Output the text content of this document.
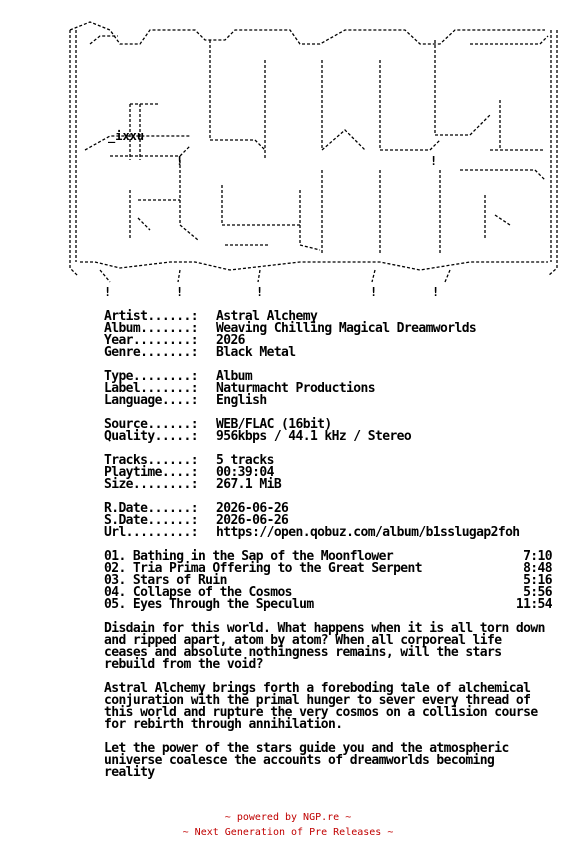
!	!	!	!	!
_ixxu
!	!
Artist......: Astral Alchemy
Album.......: Weaving Chilling Magical Dreamworlds
Year........: 2026
Genre.......: Black Metal
Type........: Album
Label.......: Naturmacht Productions
Language....: English
Source......: WEB/FLAC (16bit)
Quality.....: 956kbps / 44.1 kHz / Stereo
Tracks......: 5 tracks
Playtime....: 00:39:04
Size........: 267.1 MiB
R.Date......: 2026-06-26
S.Date......: 2026-06-26
Url.........: https://open.qobuz.com/album/b1sslugap2foh
01. Bathing in the Sap of the Moonflower	7:10
02. Tria Prima Offering to the Great Serpent	8:48
03. Stars of Ruin	5:16
04. Collapse of the Cosmos	5:56
05. Eyes Through the Speculum	11:54
Disdain for this world. What happens when it is all torn down and ripped apart, atom by atom? When all corporeal life ceases and absolute nothingness remains, will the stars rebuild from the void?
Astral Alchemy brings forth a foreboding tale of alchemical conjuration with the primal hunger to sever every thread of this world and rupture the very cosmos on a collision course for rebirth through annihilation.
Let the power of the stars guide you and the atmospheric universe coalesce the accounts of dreamworlds becoming reality
~ powered by NGP.re ~
~ Next Generation of Pre Releases ~
